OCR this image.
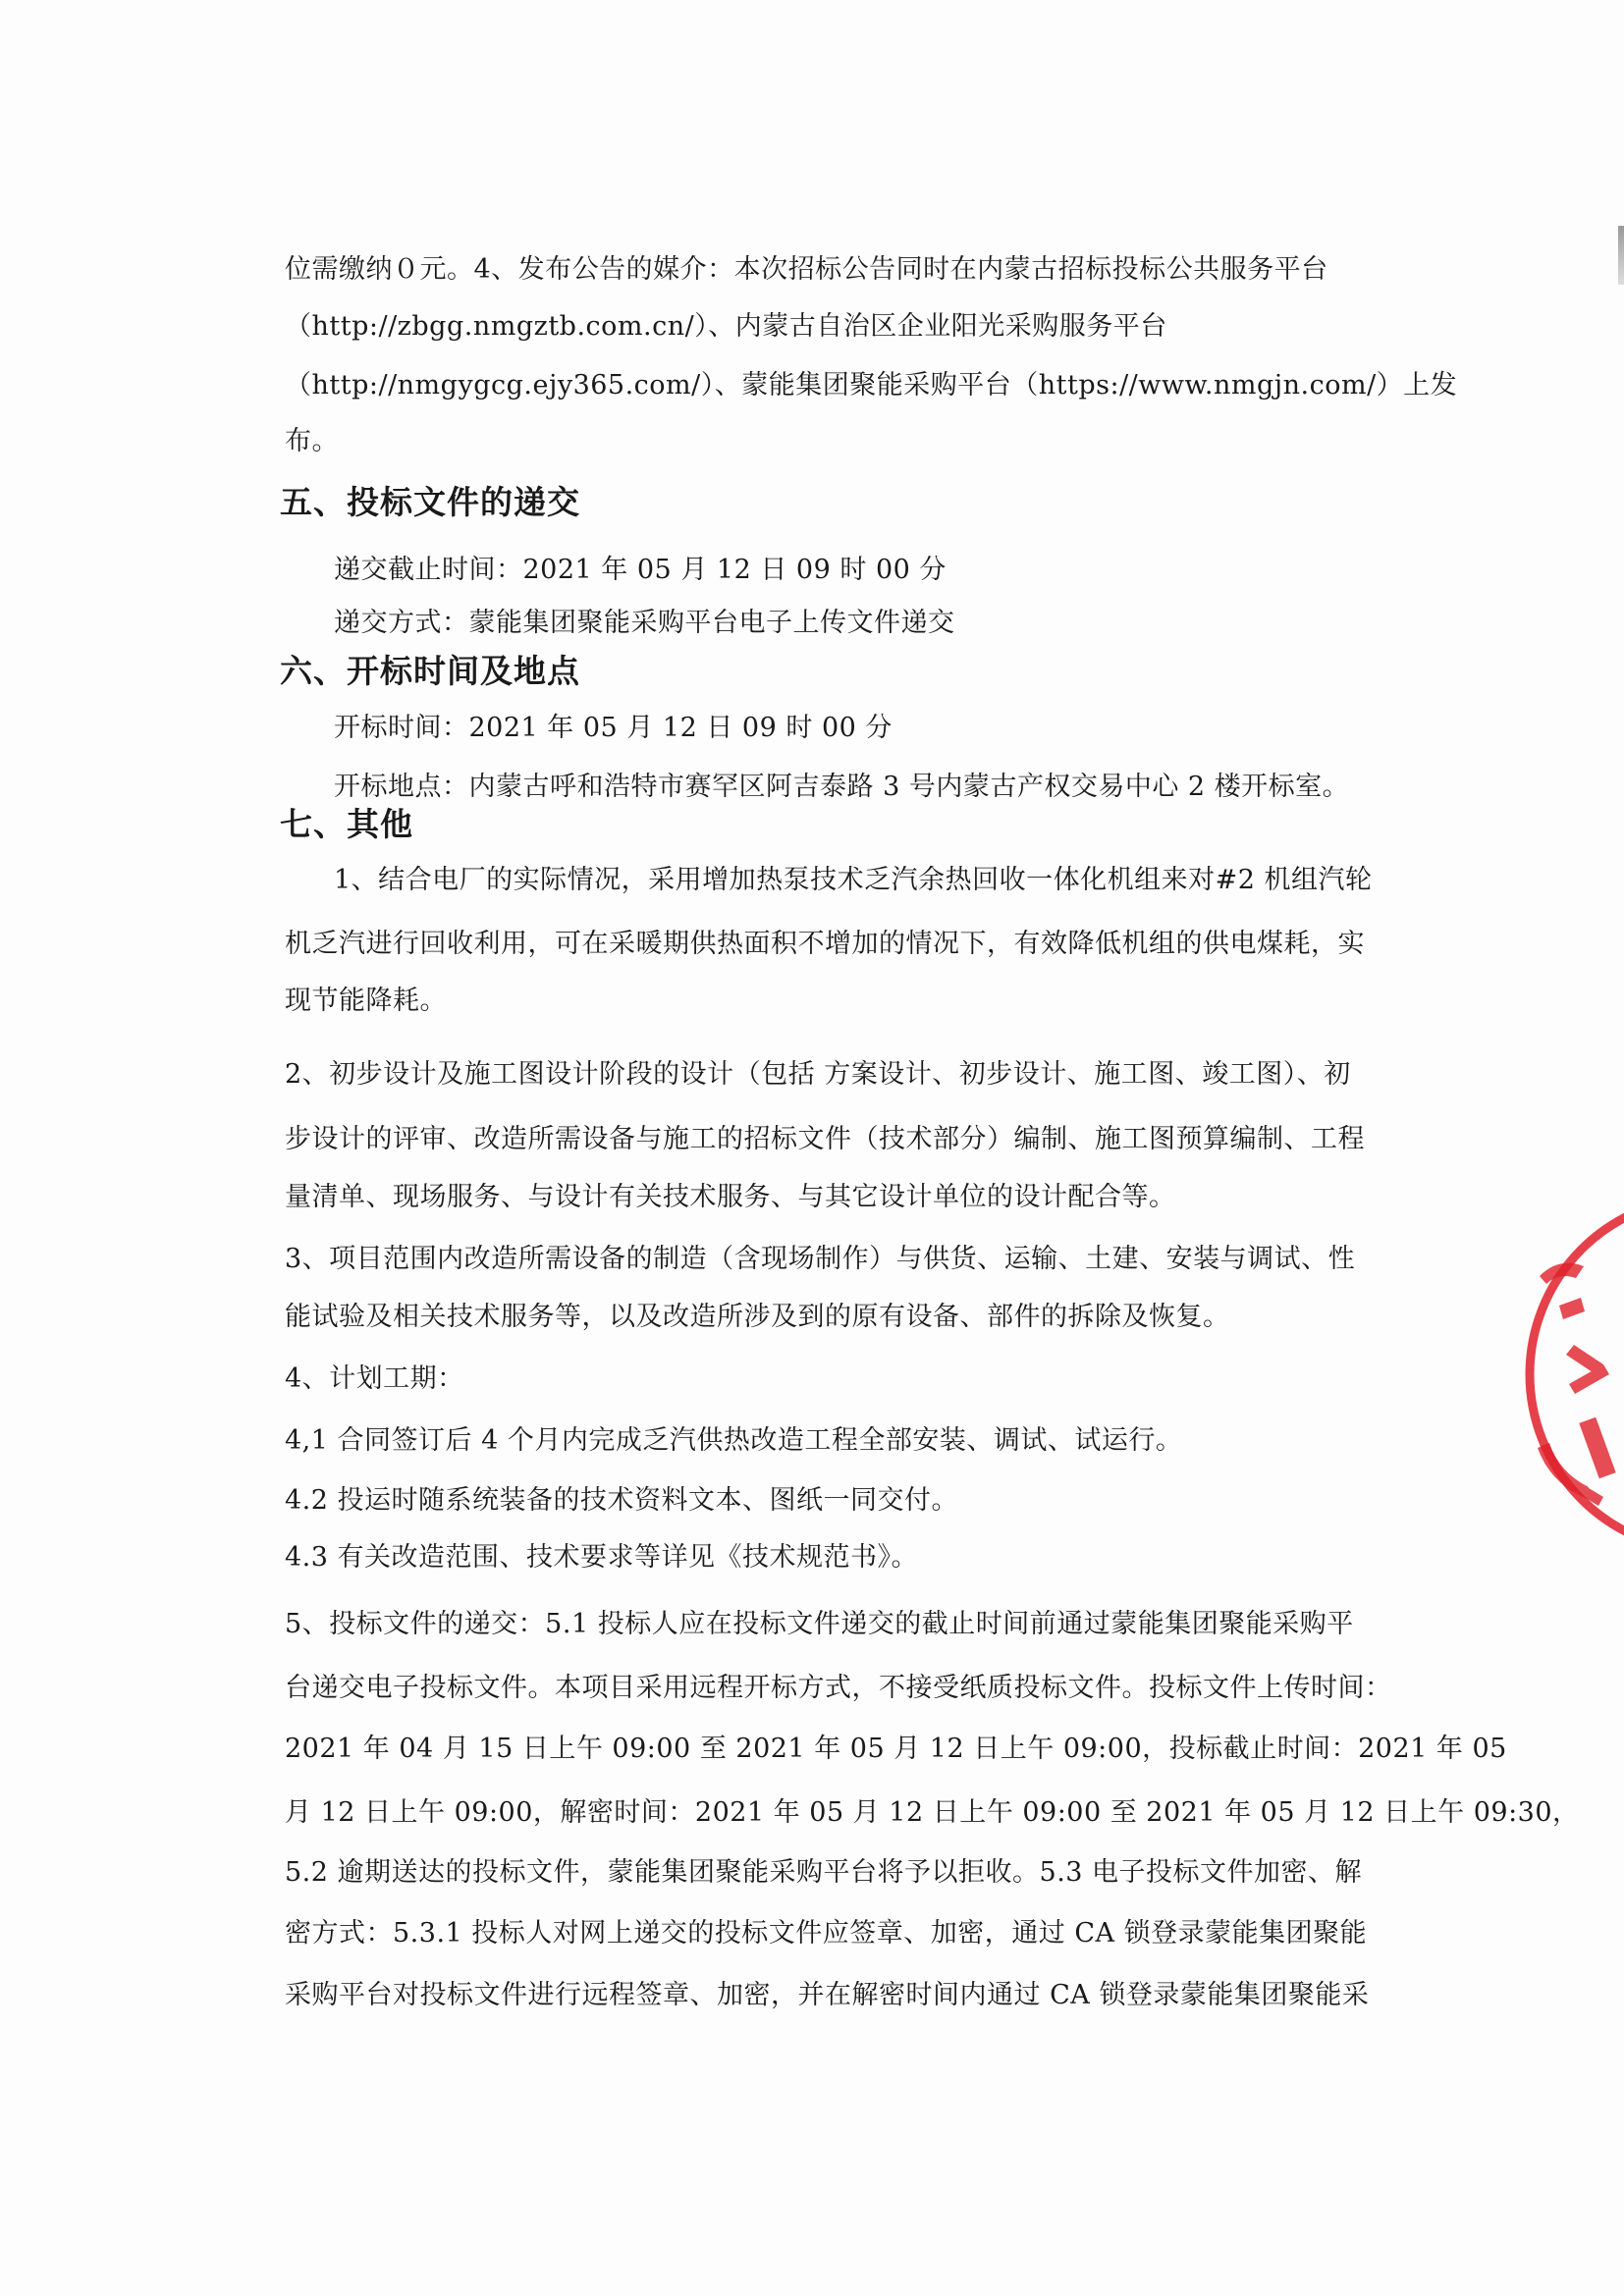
位需缴纳０元。4、发布公告的媒介：本次招标公告同时在内蒙古招标投标公共服务平台
（http://zbgg.nmgztb.com.cn/）、内蒙古自治区企业阳光采购服务平台
（http://nmgygcg.ejy365.com/）、蒙能集团聚能采购平台（https://www.nmgjn.com/）上发
布。
五、投标文件的递交
递交截止时间：2021 年 05 月 12 日 09 时 00 分
递交方式：蒙能集团聚能采购平台电子上传文件递交
六、开标时间及地点
开标时间：2021 年 05 月 12 日 09 时 00 分
开标地点：内蒙古呼和浩特市赛罕区阿吉泰路 3 号内蒙古产权交易中心 2 楼开标室。
七、其他
1、结合电厂的实际情况，采用增加热泵技术乏汽余热回收一体化机组来对#2 机组汽轮
机乏汽进行回收利用，可在采暖期供热面积不增加的情况下，有效降低机组的供电煤耗，实
现节能降耗。
2、初步设计及施工图设计阶段的设计（包括 方案设计、初步设计、施工图、竣工图）、初
步设计的评审、改造所需设备与施工的招标文件（技术部分）编制、施工图预算编制、工程
量清单、现场服务、与设计有关技术服务、与其它设计单位的设计配合等。
3、项目范围内改造所需设备的制造（含现场制作）与供货、运输、土建、安装与调试、性
能试验及相关技术服务等，以及改造所涉及到的原有设备、部件的拆除及恢复。
4、计划工期：
4,1 合同签订后 4 个月内完成乏汽供热改造工程全部安装、调试、试运行。
4.2 投运时随系统装备的技术资料文本、图纸一同交付。
4.3 有关改造范围、技术要求等详见《技术规范书》。
5、投标文件的递交：5.1 投标人应在投标文件递交的截止时间前通过蒙能集团聚能采购平
台递交电子投标文件。本项目采用远程开标方式，不接受纸质投标文件。投标文件上传时间：
2021 年 04 月 15 日上午 09:00 至 2021 年 05 月 12 日上午 09:00，投标截止时间：2021 年 05
月 12 日上午 09:00，解密时间：2021 年 05 月 12 日上午 09:00 至 2021 年 05 月 12 日上午 09:30，
5.2 逾期送达的投标文件，蒙能集团聚能采购平台将予以拒收。5.3 电子投标文件加密、解
密方式：5.3.1 投标人对网上递交的投标文件应签章、加密，通过 CA 锁登录蒙能集团聚能
采购平台对投标文件进行远程签章、加密，并在解密时间内通过 CA 锁登录蒙能集团聚能采
